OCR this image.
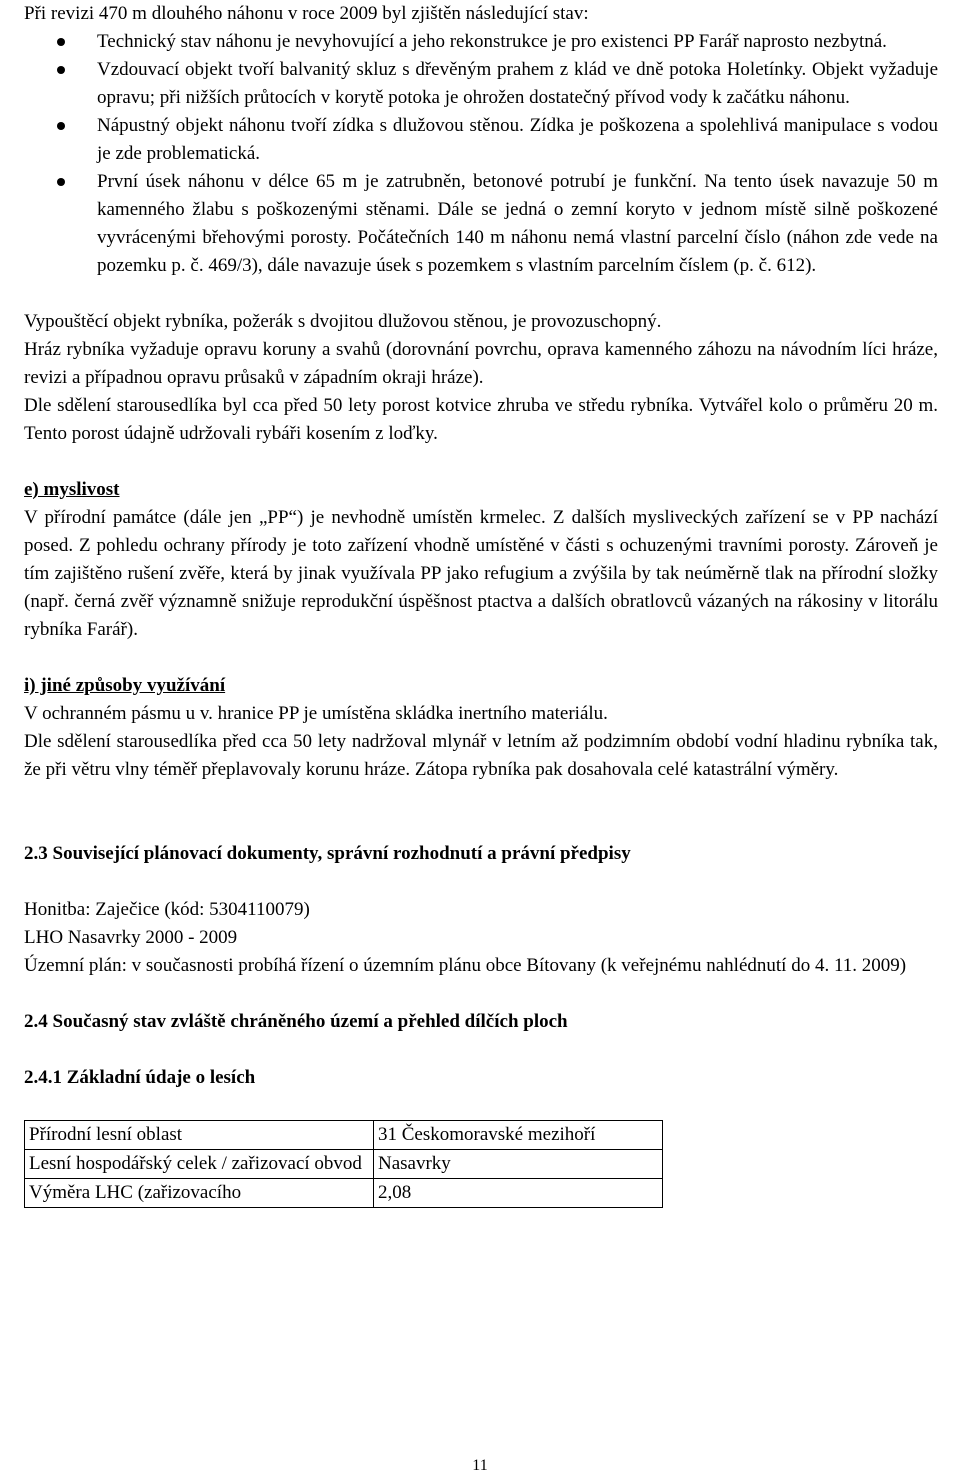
Při revizi 470 m dlouhého náhonu v roce 2009 byl zjištěn následující stav:

Technický stav náhonu je nevyhovující a jeho rekonstrukce je pro existenci PP Farář naprosto nezbytná.
Vzdouvací objekt tvoří balvanitý skluz s dřevěným prahem z klád ve dně potoka Holetínky. Objekt vyžaduje opravu; při nižších průtocích v korytě potoka je ohrožen dostatečný přívod vody k začátku náhonu.
Nápustný objekt náhonu tvoří zídka s dlužovou stěnou. Zídka je poškozena a spolehlivá manipulace s vodou je zde problematická.
První úsek náhonu v délce 65 m je zatrubněn, betonové potrubí je funkční. Na tento úsek navazuje 50 m kamenného žlabu s poškozenými stěnami. Dále se jedná o zemní koryto v jednom místě silně poškozené vyvrácenými břehovými porosty. Počátečních 140 m náhonu nemá vlastní parcelní číslo (náhon zde vede na pozemku p. č. 469/3), dále navazuje úsek s pozemkem s vlastním parcelním číslem (p. č. 612).

Vypouštěcí objekt rybníka, požerák s dvojitou dlužovou stěnou, je provozuschopný.

Hráz rybníka vyžaduje opravu koruny a svahů (dorovnání povrchu, oprava kamenného záhozu na návodním líci hráze, revizi a případnou opravu průsaků v západním okraji hráze).

Dle sdělení starousedlíka byl cca před 50 lety porost kotvice zhruba ve středu rybníka. Vytvářel kolo o průměru 20 m. Tento porost údajně udržovali rybáři kosením z loďky.

e) myslivost

V přírodní památce (dále jen „PP“) je nevhodně umístěn krmelec. Z dalších mysliveckých zařízení se v PP nachází posed. Z pohledu ochrany přírody je toto zařízení vhodně umístěné v části s ochuzenými travními porosty. Zároveň je tím zajištěno rušení zvěře, která by jinak využívala PP jako refugium a zvýšila by tak neúměrně tlak na přírodní složky (např. černá zvěř významně snižuje reprodukční úspěšnost ptactva a dalších obratlovců vázaných na rákosiny v litorálu rybníka Farář).

i) jiné způsoby využívání

V ochranném pásmu u v. hranice PP je umístěna skládka inertního materiálu.

Dle sdělení starousedlíka před cca 50 lety nadržoval mlynář v letním až podzimním období vodní hladinu rybníka tak, že při větru vlny téměř přeplavovaly korunu hráze. Zátopa rybníka pak dosahovala celé katastrální výměry.

2.3 Související plánovací dokumenty, správní rozhodnutí a právní předpisy

Honitba: Zaječice (kód: 5304110079)

LHO Nasavrky 2000 - 2009

Územní plán: v současnosti probíhá řízení o územním plánu obce Bítovany (k veřejnému nahlédnutí do 4. 11. 2009)

2.4 Současný stav zvláště chráněného území a přehled dílčích ploch
2.4.1 Základní údaje o lesích
Přírodní lesní oblast	31 Českomoravské mezihoří
Lesní hospodářský celek / zařizovací obvod	Nasavrky
Výměra LHC (zařizovacího	2,08
11
